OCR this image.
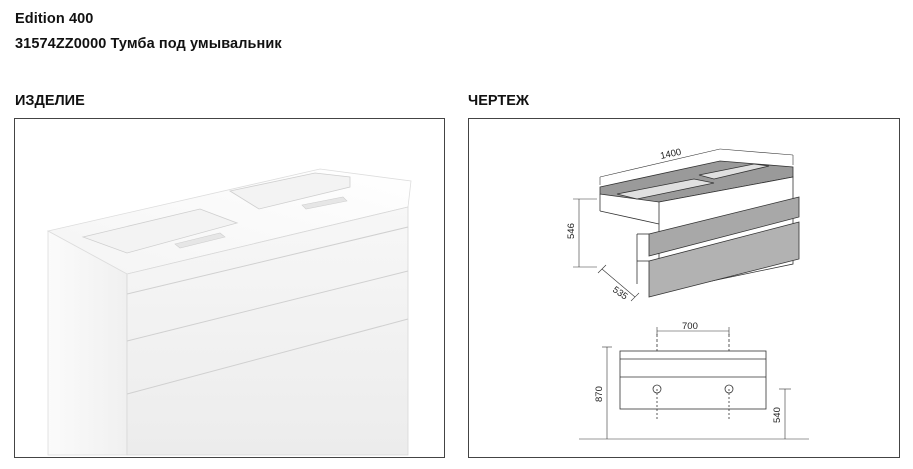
Edition 400
31574ZZ0000 Тумба под умывальник
ИЗДЕЛИЕ	ЧЕРТЕЖ
1400
546
535
700
870
540
